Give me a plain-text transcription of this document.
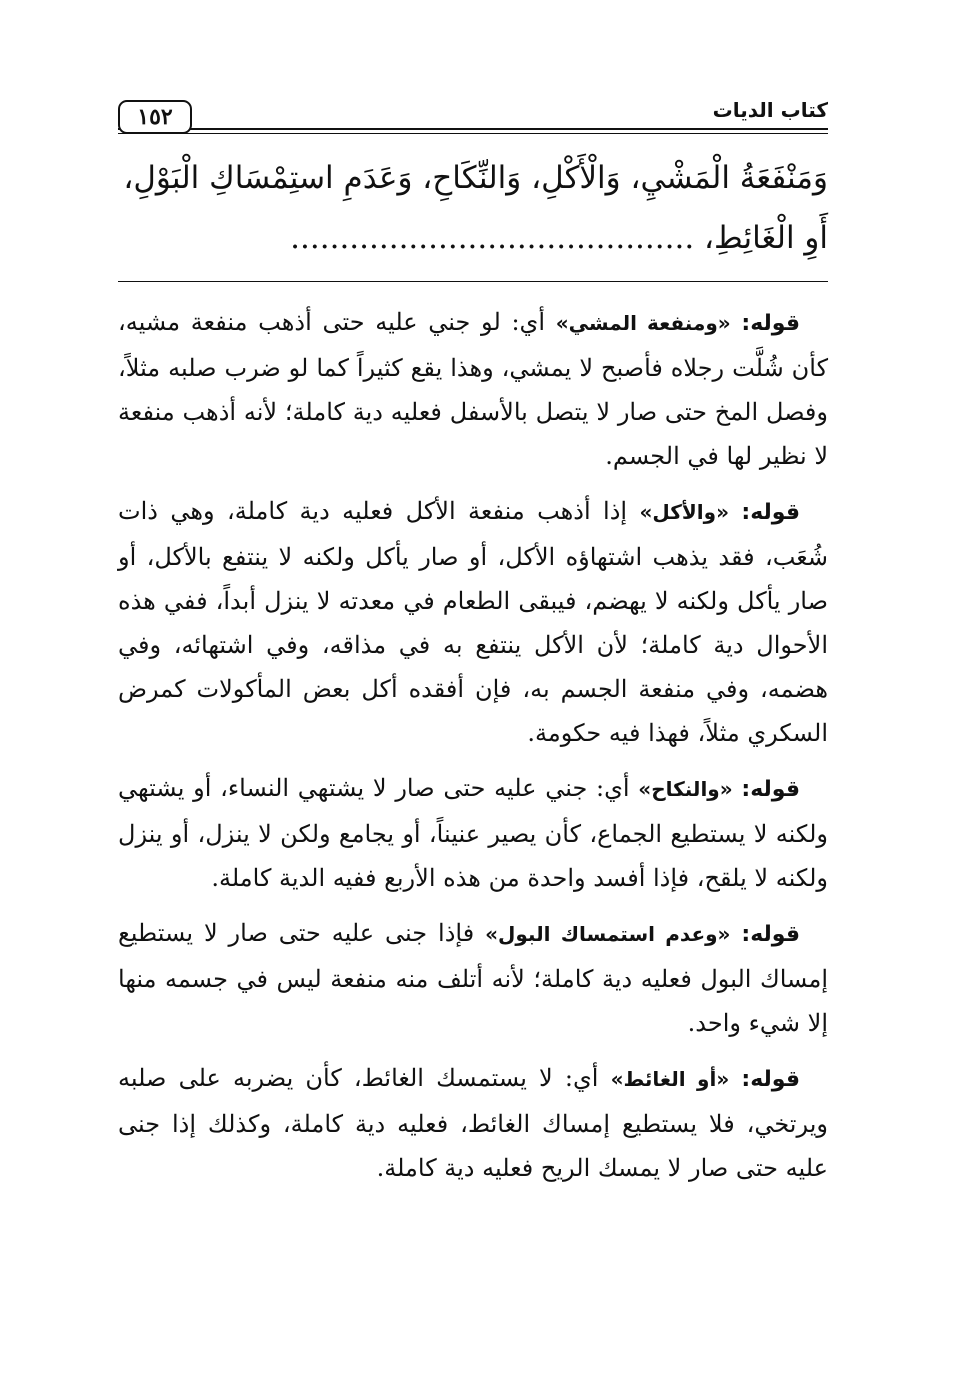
كتاب الديات
١٥٢
وَمَنْفَعَةُ الْمَشْيِ، وَالْأَكْلِ، وَالنِّكَاحِ، وَعَدَمِ استِمْسَاكِ الْبَوْلِ،
أَوِ الْغَائِطِ، .........................................

قوله: «ومنفعة المشي» أي: لو جني عليه حتى أذهب منفعة مشيه، كأن شُلَّت رجلاه فأصبح لا يمشي، وهذا يقع كثيراً كما لو ضرب صلبه مثلاً، وفصل المخ حتى صار لا يتصل بالأسفل فعليه دية كاملة؛ لأنه أذهب منفعة لا نظير لها في الجسم.

قوله: «والأكل» إذا أذهب منفعة الأكل فعليه دية كاملة، وهي ذات شُعَب، فقد يذهب اشتهاؤه الأكل، أو صار يأكل ولكنه لا ينتفع بالأكل، أو صار يأكل ولكنه لا يهضم، فيبقى الطعام في معدته لا ينزل أبداً، ففي هذه الأحوال دية كاملة؛ لأن الأكل ينتفع به في مذاقه، وفي اشتهائه، وفي هضمه، وفي منفعة الجسم به، فإن أفقده أكل بعض المأكولات كمرض السكري مثلاً، فهذا فيه حكومة.

قوله: «والنكاح» أي: جني عليه حتى صار لا يشتهي النساء، أو يشتهي ولكنه لا يستطيع الجماع، كأن يصير عنيناً، أو يجامع ولكن لا ينزل، أو ينزل ولكنه لا يلقح، فإذا أفسد واحدة من هذه الأربع ففيه الدية كاملة.

قوله: «وعدم استمساك البول» فإذا جنى عليه حتى صار لا يستطيع إمساك البول فعليه دية كاملة؛ لأنه أتلف منه منفعة ليس في جسمه منها إلا شيء واحد.

قوله: «أو الغائط» أي: لا يستمسك الغائط، كأن يضربه على صلبه ويرتخي، فلا يستطيع إمساك الغائط، فعليه دية كاملة، وكذلك إذا جنى عليه حتى صار لا يمسك الريح فعليه دية كاملة.
